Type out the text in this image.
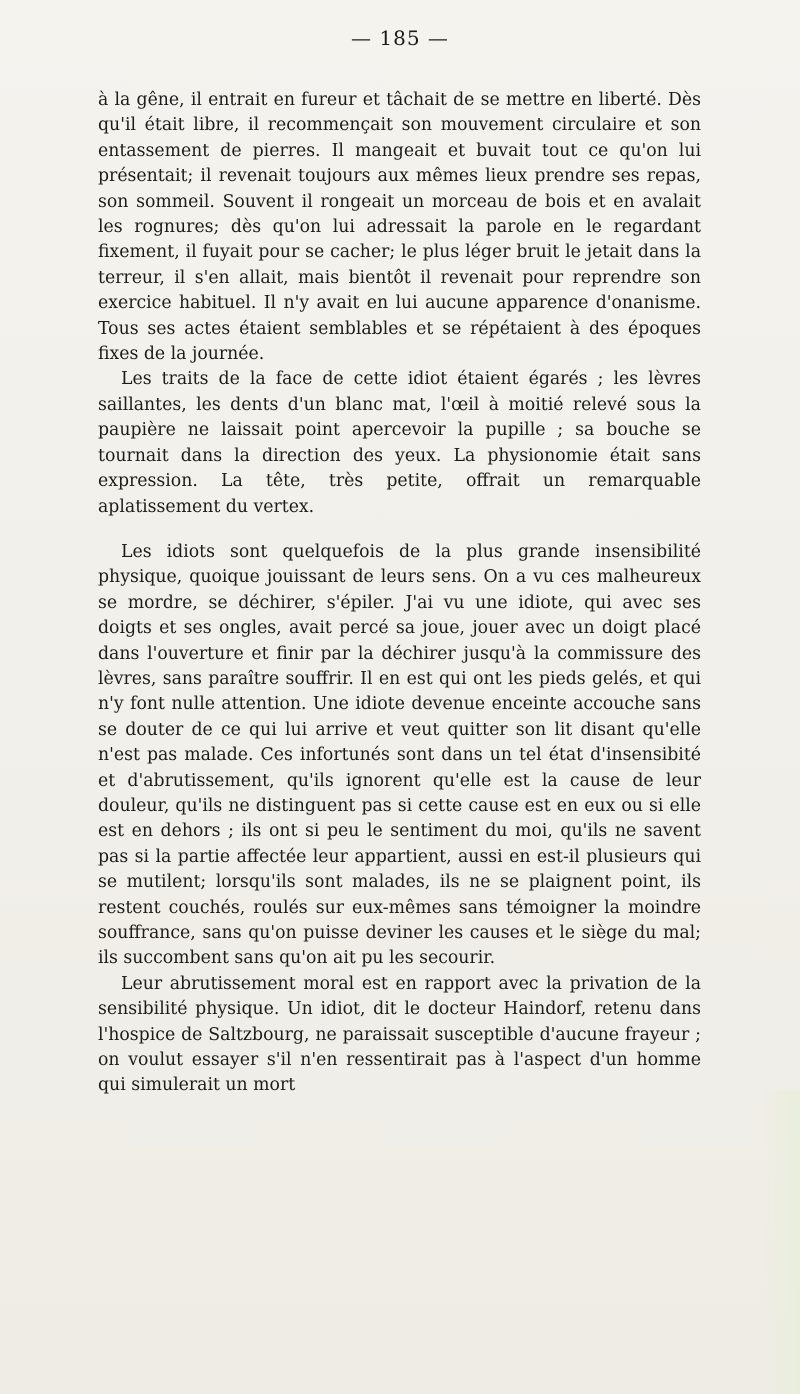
— 185 —

à la gêne, il entrait en fureur et tâchait de se mettre en liberté. Dès qu'il était libre, il recommençait son mouvement circulaire et son entassement de pierres. Il mangeait et buvait tout ce qu'on lui présentait; il revenait toujours aux mêmes lieux prendre ses repas, son sommeil. Souvent il rongeait un morceau de bois et en avalait les rognures; dès qu'on lui adressait la parole en le regardant fixement, il fuyait pour se cacher; le plus léger bruit le jetait dans la terreur, il s'en allait, mais bientôt il revenait pour reprendre son exercice habituel. Il n'y avait en lui aucune apparence d'onanisme. Tous ses actes étaient semblables et se répétaient à des époques fixes de la journée.

Les traits de la face de cette idiot étaient égarés ; les lèvres saillantes, les dents d'un blanc mat, l'œil à moitié relevé sous la paupière ne laissait point apercevoir la pupille ; sa bouche se tournait dans la direction des yeux. La physionomie était sans expression. La tête, très petite, offrait un remarquable aplatissement du vertex.

Les idiots sont quelquefois de la plus grande insensibilité physique, quoique jouissant de leurs sens. On a vu ces malheureux se mordre, se déchirer, s'épiler. J'ai vu une idiote, qui avec ses doigts et ses ongles, avait percé sa joue, jouer avec un doigt placé dans l'ouverture et finir par la déchirer jusqu'à la commissure des lèvres, sans paraître souffrir. Il en est qui ont les pieds gelés, et qui n'y font nulle attention. Une idiote devenue enceinte accouche sans se douter de ce qui lui arrive et veut quitter son lit disant qu'elle n'est pas malade. Ces infortunés sont dans un tel état d'insensibité et d'abrutissement, qu'ils ignorent qu'elle est la cause de leur douleur, qu'ils ne distinguent pas si cette cause est en eux ou si elle est en dehors ; ils ont si peu le sentiment du moi, qu'ils ne savent pas si la partie affectée leur appartient, aussi en est-il plusieurs qui se mutilent; lorsqu'ils sont malades, ils ne se plaignent point, ils restent couchés, roulés sur eux-mêmes sans témoigner la moindre souffrance, sans qu'on puisse deviner les causes et le siège du mal; ils succombent sans qu'on ait pu les secourir.

Leur abrutissement moral est en rapport avec la privation de la sensibilité physique. Un idiot, dit le docteur Haindorf, retenu dans l'hospice de Saltzbourg, ne paraissait susceptible d'aucune frayeur ; on voulut essayer s'il n'en ressentirait pas à l'aspect d'un homme qui simulerait un mort
